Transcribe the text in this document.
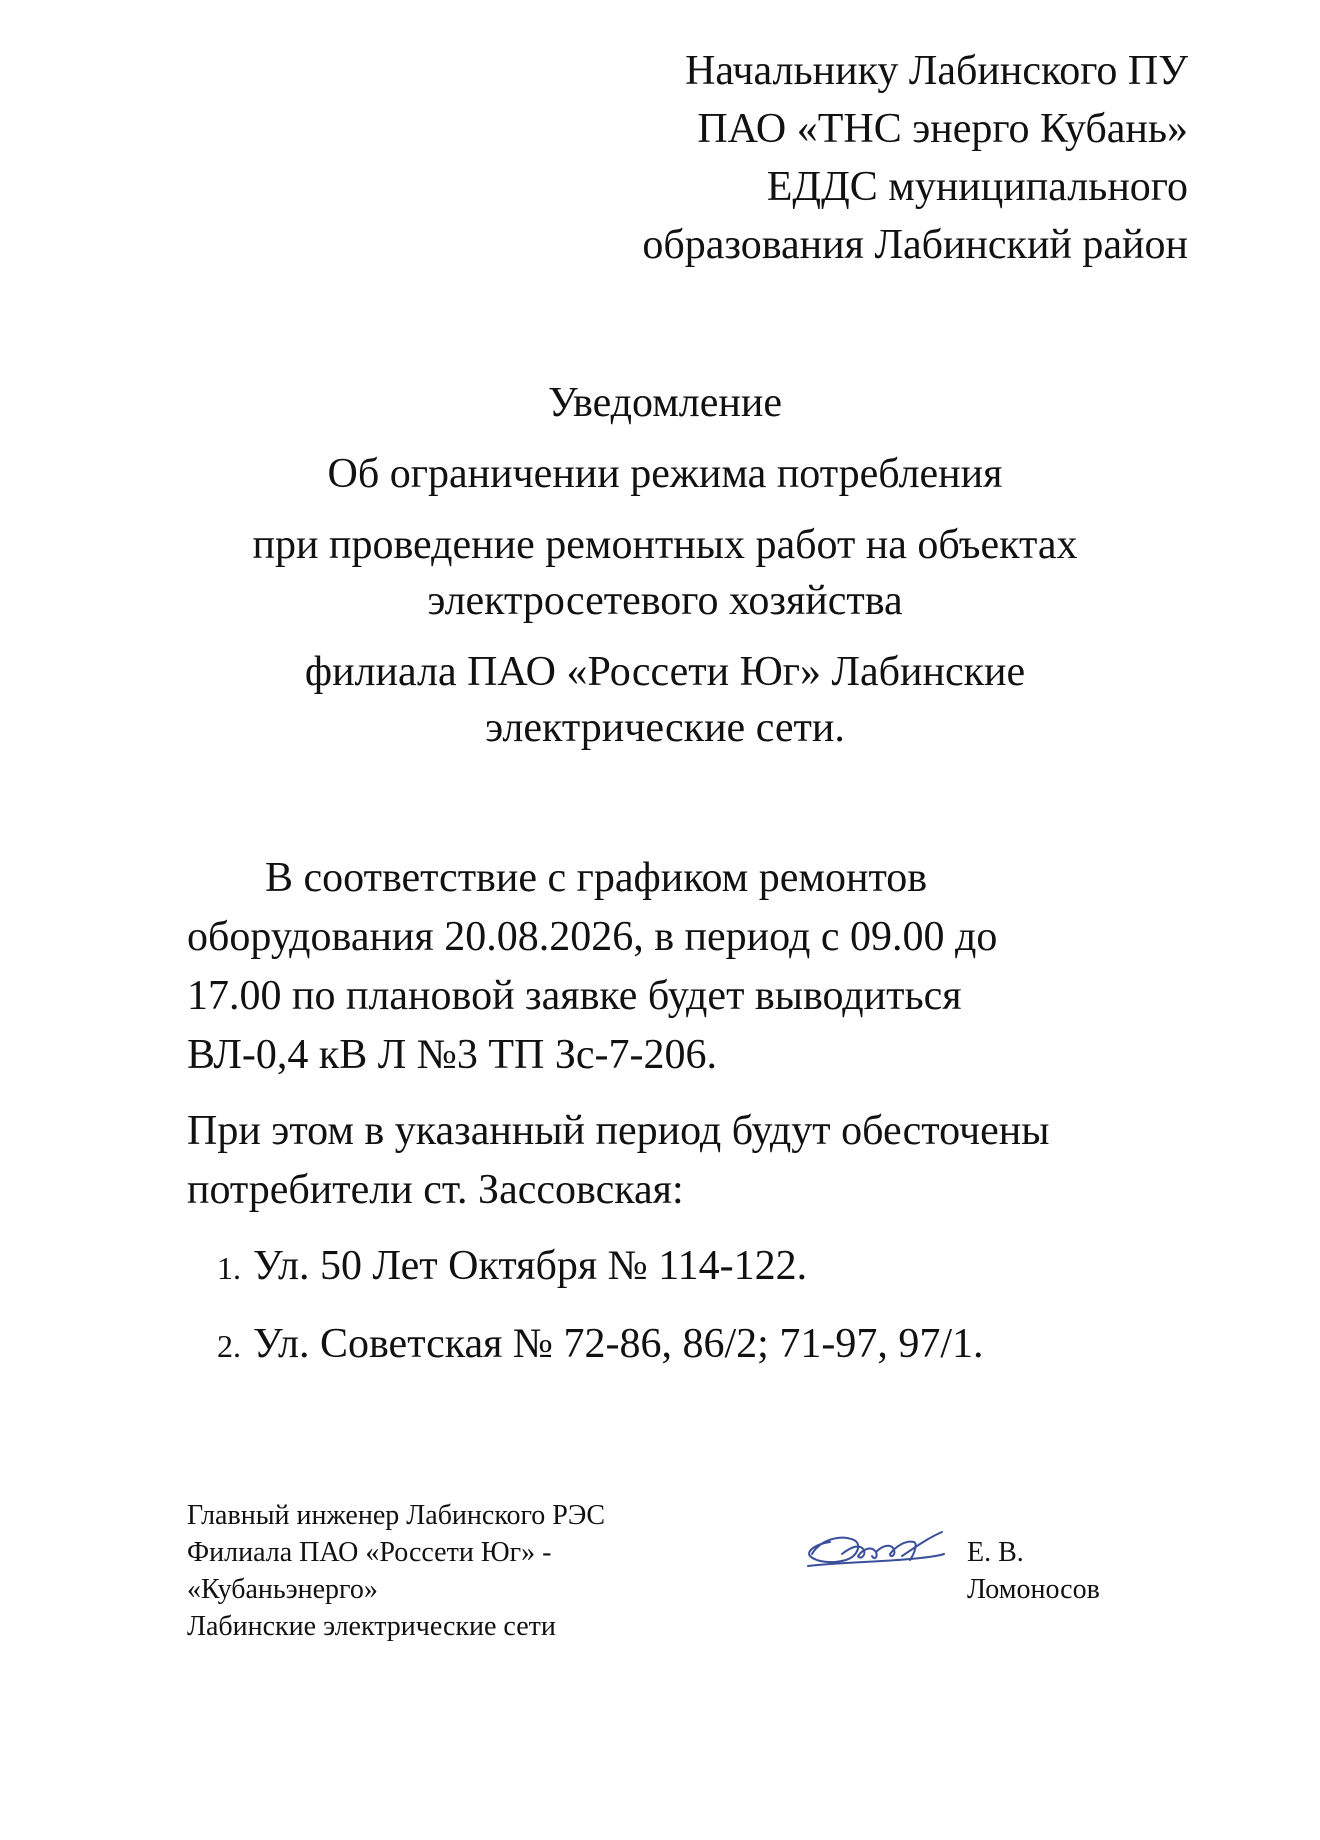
Начальнику Лабинского ПУ
ПАО «ТНС энерго Кубань»
ЕДДС муниципального
образования Лабинский район
Уведомление
Об ограничении режима потребления
при проведение ремонтных работ на объектах
электросетевого хозяйства
филиала ПАО «Россети Юг» Лабинские
электрические сети.
В соответствие с графиком ремонтов
оборудования 20.08.2026, в период с 09.00 до
17.00 по плановой заявке будет выводиться
ВЛ-0,4 кВ Л №3 ТП Зс-7-206.
При этом в указанный период будут обесточены
потребители ст. Зассовская:
1. Ул. 50 Лет Октября № 114-122.
2. Ул. Советская № 72-86, 86/2; 71-97, 97/1.
Главный инженер Лабинского РЭС
Филиала ПАО «Россети Юг» -
«Кубаньэнерго»
Лабинские электрические сети
Е. В.
Ломоносов
